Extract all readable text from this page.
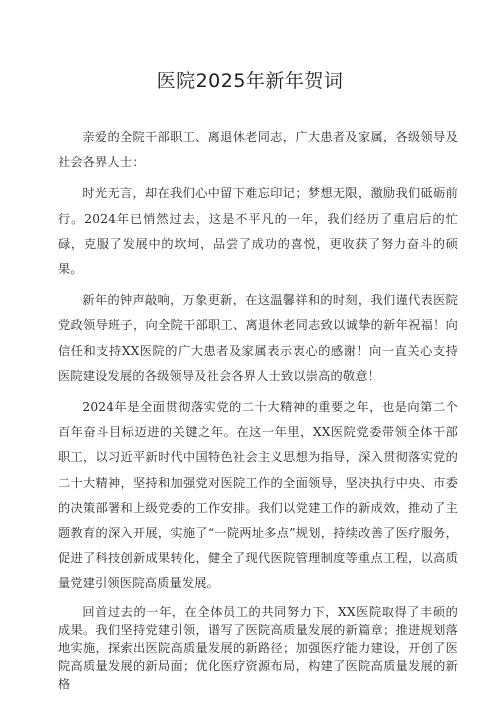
医院2025年新年贺词

亲爱的全院干部职工、离退休老同志，广大患者及家属，各级领导及社会各界人士：

时光无言，却在我们心中留下难忘印记；梦想无限，激励我们砥砺前行。2024年已悄然过去，这是不平凡的一年，我们经历了重启后的忙碌，克服了发展中的坎坷，品尝了成功的喜悦，更收获了努力奋斗的硕果。

新年的钟声敲响，万象更新，在这温馨祥和的时刻，我们谨代表医院党政领导班子，向全院干部职工、离退休老同志致以诚挚的新年祝福！向信任和支持XX医院的广大患者及家属表示衷心的感谢！向一直关心支持医院建设发展的各级领导及社会各界人士致以崇高的敬意！

2024年是全面贯彻落实党的二十大精神的重要之年，也是向第二个百年奋斗目标迈进的关键之年。在这一年里，XX医院党委带领全体干部职工，以习近平新时代中国特色社会主义思想为指导，深入贯彻落实党的二十大精神，坚持和加强党对医院工作的全面领导，坚决执行中央、市委的决策部署和上级党委的工作安排。我们以党建工作的新成效，推动了主题教育的深入开展，实施了“一院两址多点”规划，持续改善了医疗服务，促进了科技创新成果转化，健全了现代医院管理制度等重点工程，以高质量党建引领医院高质量发展。

回首过去的一年，在全体员工的共同努力下，XX医院取得了丰硕的成果。我们坚持党建引领，谱写了医院高质量发展的新篇章；推进规划落地实施，探索出医院高质量发展的新路径；加强医疗能力建设，开创了医院高质量发展的新局面；优化医疗资源布局，构建了医院高质量发展的新格
